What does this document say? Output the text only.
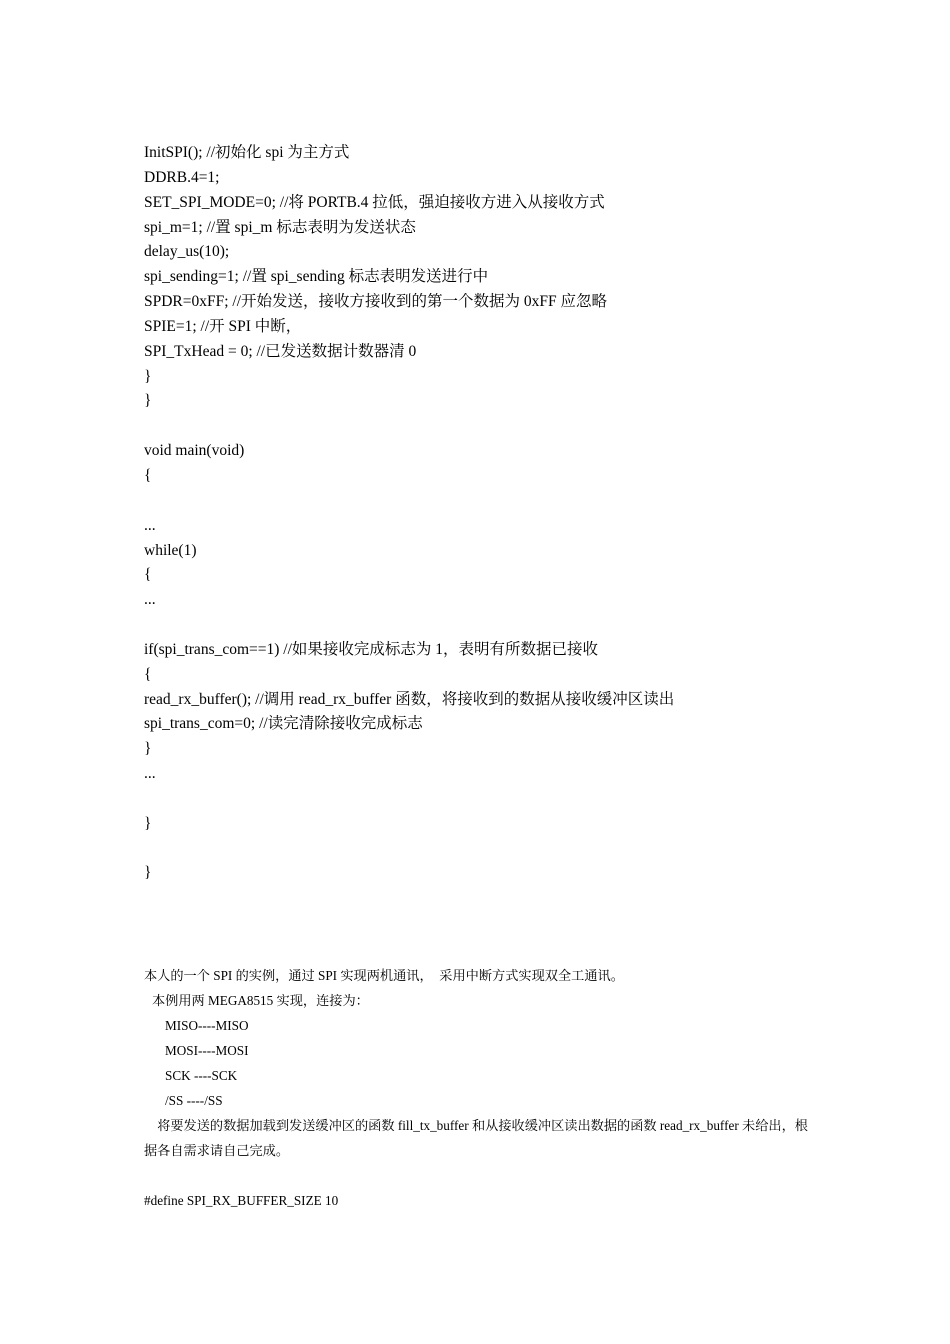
InitSPI(); //初始化 spi 为主方式
DDRB.4=1;
SET_SPI_MODE=0; //将 PORTB.4 拉低，强迫接收方进入从接收方式
spi_m=1; //置 spi_m 标志表明为发送状态
delay_us(10);
spi_sending=1; //置 spi_sending 标志表明发送进行中
SPDR=0xFF; //开始发送，接收方接收到的第一个数据为 0xFF 应忽略
SPIE=1; //开 SPI 中断，
SPI_TxHead = 0; //已发送数据计数器清 0
}
}
void main(void)
{
...
while(1)
{
...
if(spi_trans_com==1) //如果接收完成标志为 1，表明有所数据已接收
{
read_rx_buffer(); //调用 read_rx_buffer 函数，将接收到的数据从接收缓冲区读出
spi_trans_com=0; //读完清除接收完成标志
}
...
}
}
本人的一个 SPI 的实例，通过 SPI 实现两机通讯，  采用中断方式实现双全工通讯。
本例用两 MEGA8515 实现，连接为：
MISO----MISO
MOSI----MOSI
SCK ----SCK
/SS ----/SS
将要发送的数据加载到发送缓冲区的函数 fill_tx_buffer 和从接收缓冲区读出数据的函数 read_rx_buffer 未给出，根据各自需求请自己完成。
#define SPI_RX_BUFFER_SIZE 10
